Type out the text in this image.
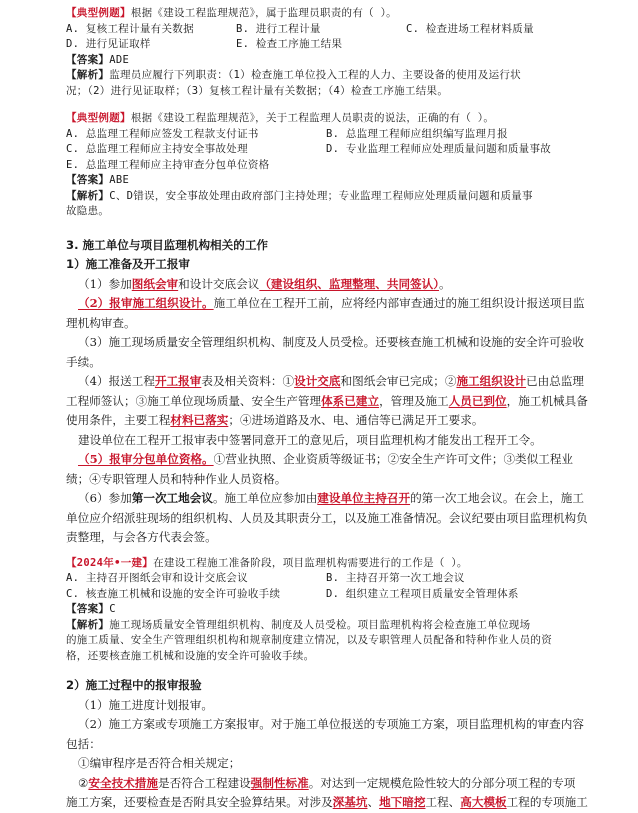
【典型例题】根据《建设工程监理规范》，属于监理员职责的有（ ）。
A. 复核工程计量有关数据	B. 进行工程计量	C. 检查进场工程材料质量
D. 进行见证取样	E. 检查工序施工结果
【答案】ADE
【解析】监理员应履行下列职责：（1）检查施工单位投入工程的人力、主要设备的使用及运行状
况；（2）进行见证取样；（3）复核工程计量有关数据；（4）检查工序施工结果。
【典型例题】根据《建设工程监理规范》，关于工程监理人员职责的说法，正确的有（ ）。
A. 总监理工程师应签发工程款支付证书	B. 总监理工程师应组织编写监理月报
C. 总监理工程师应主持安全事故处理	D. 专业监理工程师应处理质量问题和质量事故
E. 总监理工程师应主持审查分包单位资格
【答案】ABE
【解析】C、D错误，安全事故处理由政府部门主持处理；专业监理工程师应处理质量问题和质量事
故隐患。
3. 施工单位与项目监理机构相关的工作
1）施工准备及开工报审
（1）参加图纸会审和设计交底会议（建设组织、监理整理、共同签认）。
（2）报审施工组织设计。施工单位在工程开工前，应将经内部审查通过的施工组织设计报送项目监
理机构审查。
（3）施工现场质量安全管理组织机构、制度及人员受检。还要核查施工机械和设施的安全许可验收
手续。
（4）报送工程开工报审表及相关资料：①设计交底和图纸会审已完成；②施工组织设计已由总监理
工程师签认；③施工单位现场质量、安全生产管理体系已建立，管理及施工人员已到位，施工机械具备
使用条件，主要工程材料已落实；④进场道路及水、电、通信等已满足开工要求。
建设单位在工程开工报审表中签署同意开工的意见后，项目监理机构才能发出工程开工令。
（5）报审分包单位资格。①营业执照、企业资质等级证书；②安全生产许可文件；③类似工程业
绩；④专职管理人员和特种作业人员资格。
（6）参加第一次工地会议。施工单位应参加由建设单位主持召开的第一次工地会议。在会上，施工
单位应介绍派驻现场的组织机构、人员及其职责分工，以及施工准备情况。会议纪要由项目监理机构负
责整理，与会各方代表会签。
【2024年•一建】在建设工程施工准备阶段，项目监理机构需要进行的工作是（ ）。
A. 主持召开图纸会审和设计交底会议	B. 主持召开第一次工地会议
C. 核查施工机械和设施的安全许可验收手续	D. 组织建立工程项目质量安全管理体系
【答案】C
【解析】施工现场质量安全管理组织机构、制度及人员受检。项目监理机构将会检查施工单位现场
的施工质量、安全生产管理组织机构和规章制度建立情况，以及专职管理人员配备和特种作业人员的资
格，还要核查施工机械和设施的安全许可验收手续。
2）施工过程中的报审报验
（1）施工进度计划报审。
（2）施工方案或专项施工方案报审。对于施工单位报送的专项施工方案，项目监理机构的审查内容
包括：
①编审程序是否符合相关规定；
②安全技术措施是否符合工程建设强制性标准。对达到一定规模危险性较大的分部分项工程的专项
施工方案，还要检查是否附具安全验算结果。对涉及深基坑、地下暗挖工程、高大模板工程的专项施工
